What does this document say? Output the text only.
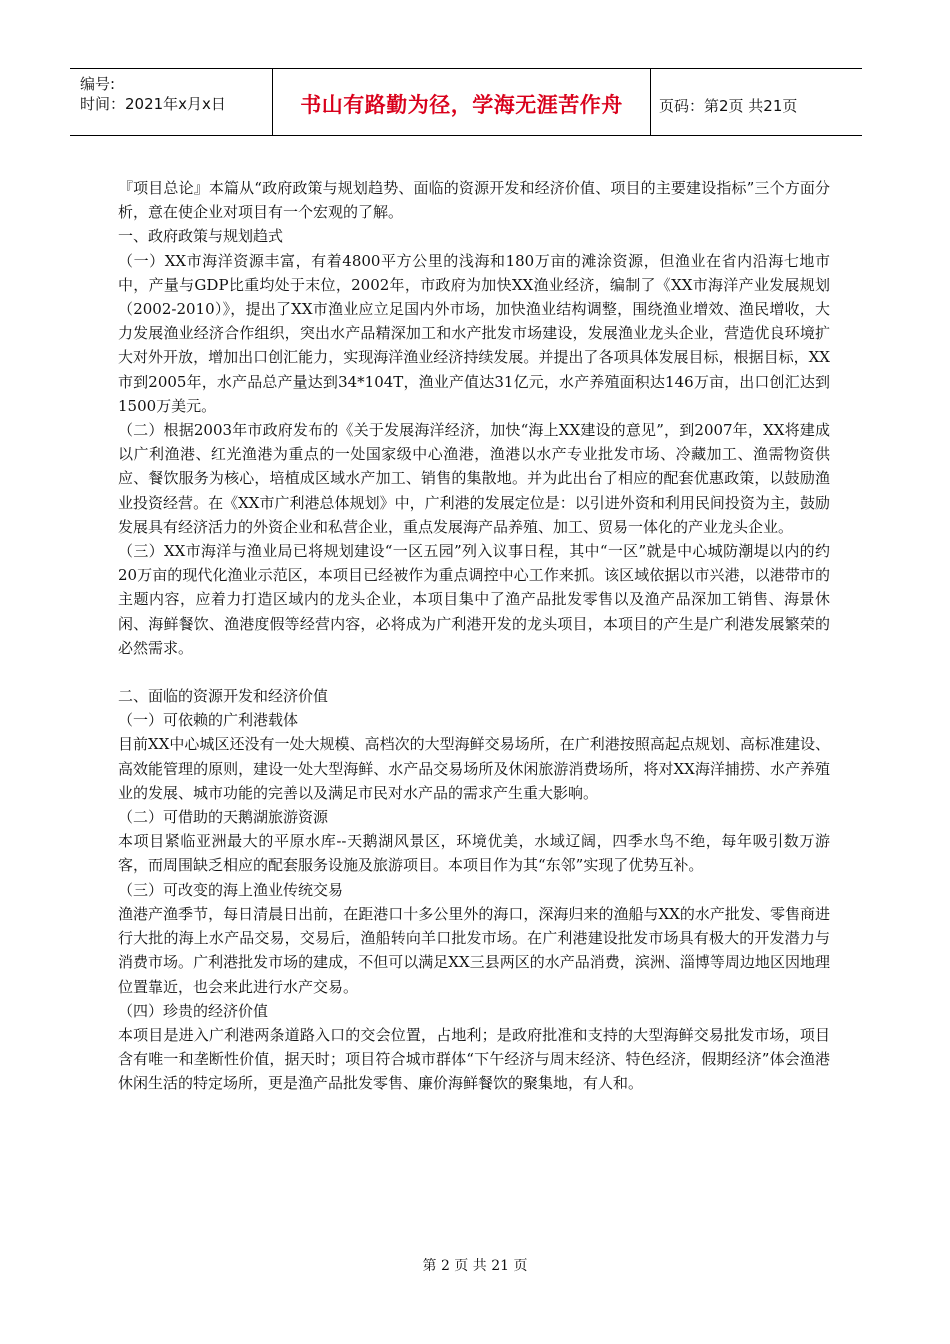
编号:
时间：2021年x月x日	书山有路勤为径，学海无涯苦作舟	页码：第2页 共21页

『项目总论』本篇从“政府政策与规划趋势、面临的资源开发和经济价值、项目的主要建设指标”三个方面分析，意在使企业对项目有一个宏观的了解。

一、政府政策与规划趋式

（一）XX市海洋资源丰富，有着4800平方公里的浅海和180万亩的滩涂资源，但渔业在省内沿海七地市中，产量与GDP比重均处于末位，2002年，市政府为加快XX渔业经济，编制了《XX市海洋产业发展规划（2002-2010）》，提出了XX市渔业应立足国内外市场，加快渔业结构调整，围绕渔业增效、渔民增收，大力发展渔业经济合作组织，突出水产品精深加工和水产批发市场建设，发展渔业龙头企业，营造优良环境扩大对外开放，增加出口创汇能力，实现海洋渔业经济持续发展。并提出了各项具体发展目标，根据目标，XX市到2005年，水产品总产量达到34*104T，渔业产值达31亿元，水产养殖面积达146万亩，出口创汇达到1500万美元。

（二）根据2003年市政府发布的《关于发展海洋经济，加快“海上XX建设的意见”，到2007年，XX将建成以广利渔港、红光渔港为重点的一处国家级中心渔港，渔港以水产专业批发市场、冷藏加工、渔需物资供应、餐饮服务为核心，培植成区域水产加工、销售的集散地。并为此出台了相应的配套优惠政策，以鼓励渔业投资经营。在《XX市广利港总体规划》中，广利港的发展定位是：以引进外资和利用民间投资为主，鼓励发展具有经济活力的外资企业和私营企业，重点发展海产品养殖、加工、贸易一体化的产业龙头企业。

（三）XX市海洋与渔业局已将规划建设“一区五园”列入议事日程，其中“一区”就是中心城防潮堤以内的约20万亩的现代化渔业示范区，本项目已经被作为重点调控中心工作来抓。该区域依据以市兴港，以港带市的主题内容，应着力打造区域内的龙头企业，本项目集中了渔产品批发零售以及渔产品深加工销售、海景休闲、海鲜餐饮、渔港度假等经营内容，必将成为广利港开发的龙头项目，本项目的产生是广利港发展繁荣的必然需求。

二、面临的资源开发和经济价值

（一）可依赖的广利港载体

目前XX中心城区还没有一处大规模、高档次的大型海鲜交易场所，在广利港按照高起点规划、高标准建设、高效能管理的原则，建设一处大型海鲜、水产品交易场所及休闲旅游消费场所，将对XX海洋捕捞、水产养殖业的发展、城市功能的完善以及满足市民对水产品的需求产生重大影响。

（二）可借助的天鹅湖旅游资源

本项目紧临亚洲最大的平原水库--天鹅湖风景区，环境优美，水域辽阔，四季水鸟不绝，每年吸引数万游客，而周围缺乏相应的配套服务设施及旅游项目。本项目作为其“东邻”实现了优势互补。

（三）可改变的海上渔业传统交易

渔港产渔季节，每日清晨日出前，在距港口十多公里外的海口，深海归来的渔船与XX的水产批发、零售商进行大批的海上水产品交易，交易后，渔船转向羊口批发市场。在广利港建设批发市场具有极大的开发潜力与消费市场。广利港批发市场的建成，不但可以满足XX三县两区的水产品消费，滨洲、淄博等周边地区因地理位置靠近，也会来此进行水产交易。

（四）珍贵的经济价值

本项目是进入广利港两条道路入口的交会位置，占地利；是政府批准和支持的大型海鲜交易批发市场，项目含有唯一和垄断性价值，据天时；项目符合城市群体“下午经济与周末经济、特色经济，假期经济”体会渔港休闲生活的特定场所，更是渔产品批发零售、廉价海鲜餐饮的聚集地，有人和。

第 2 页 共 21 页
